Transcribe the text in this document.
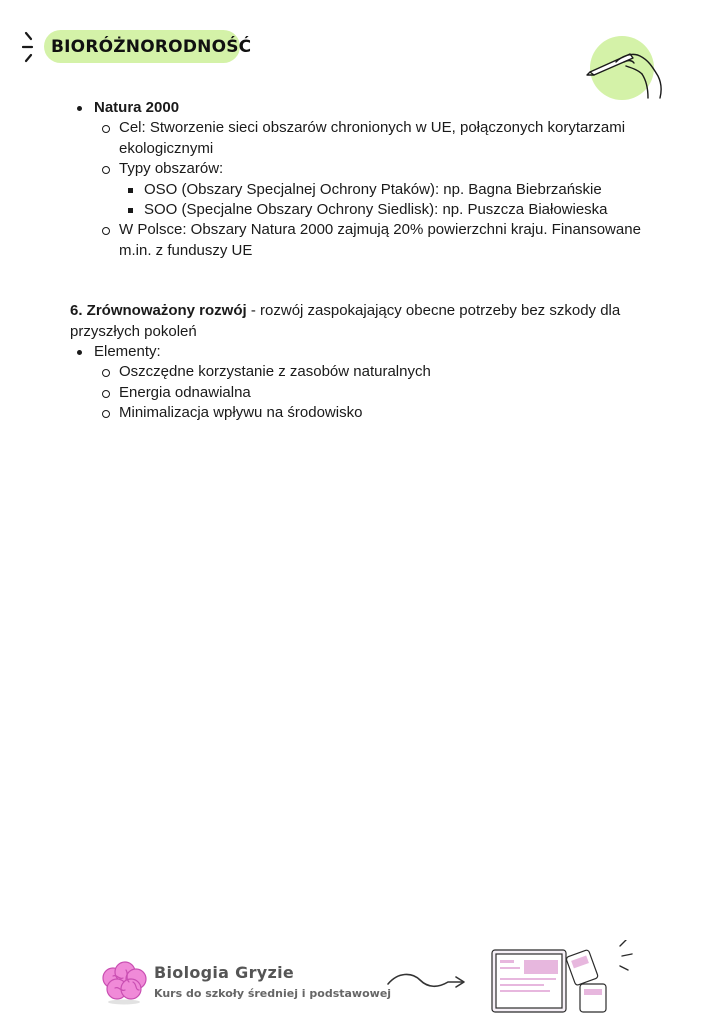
BIORÓŻNORODNOŚĆ
Natura 2000
Cel: Stworzenie sieci obszarów chronionych w UE, połączonych korytarzami ekologicznymi
Typy obszarów:
OSO (Obszary Specjalnej Ochrony Ptaków): np. Bagna Biebrzańskie
SOO (Specjalne Obszary Ochrony Siedlisk): np. Puszcza Białowieska
W Polsce: Obszary Natura 2000 zajmują 20% powierzchni kraju. Finansowane m.in. z funduszy UE

6. Zrównoważony rozwój - rozwój zaspokajający obecne potrzeby bez szkody dla przyszłych pokoleń

Elementy:
Oszczędne korzystanie z zasobów naturalnych
Energia odnawialna
Minimalizacja wpływu na środowisko
Biologia Gryzie
Kurs do szkoły średniej i podstawowej
